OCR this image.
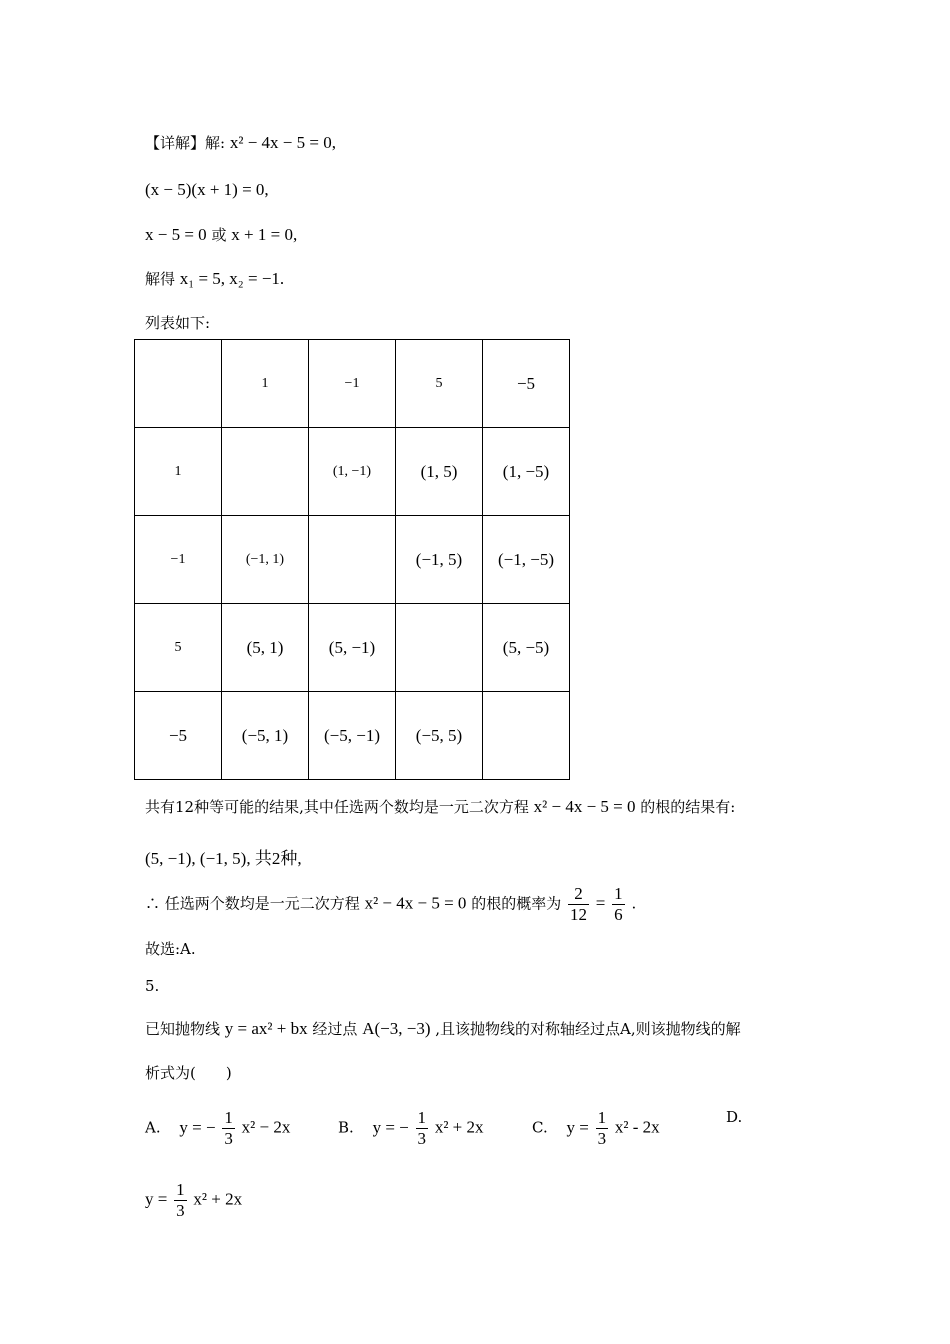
【详解】解: x² − 4x − 5 = 0,
(x − 5)(x + 1) = 0,
x − 5 = 0 或 x + 1 = 0,
解得 x₁ = 5, x₂ = −1.
列表如下:
	1	−1	5	−5
1		(1, −1)	(1, 5)	(1, −5)
−1	(−1, 1)		(−1, 5)	(−1, −5)
5	(5, 1)	(5, −1)		(5, −5)
−5	(−5, 1)	(−5, −1)	(−5, 5)	
共有12种等可能的结果,其中任选两个数均是一元二次方程 x² − 4x − 5 = 0 的根的结果有:
(5, −1), (−1, 5), 共2种,
∴ 任选两个数均是一元二次方程 x² − 4x − 5 = 0 的根的概率为 $\frac{2}{12} = \frac{1}{6}$ .
故选:A.
5.
已知抛物线 y = ax² + bx 经过点 A(−3, −3) ,且该抛物线的对称轴经过点A,则该抛物线的解
析式为(　　)
A. y = − $\frac{1}{3} x^2 - 2x$	B. y = − $\frac{1}{3} x^2 + 2x$	C. $y = \frac{1}{3} x^2 - 2x$
D.
$y = \frac{1}{3} x^2 + 2x$
